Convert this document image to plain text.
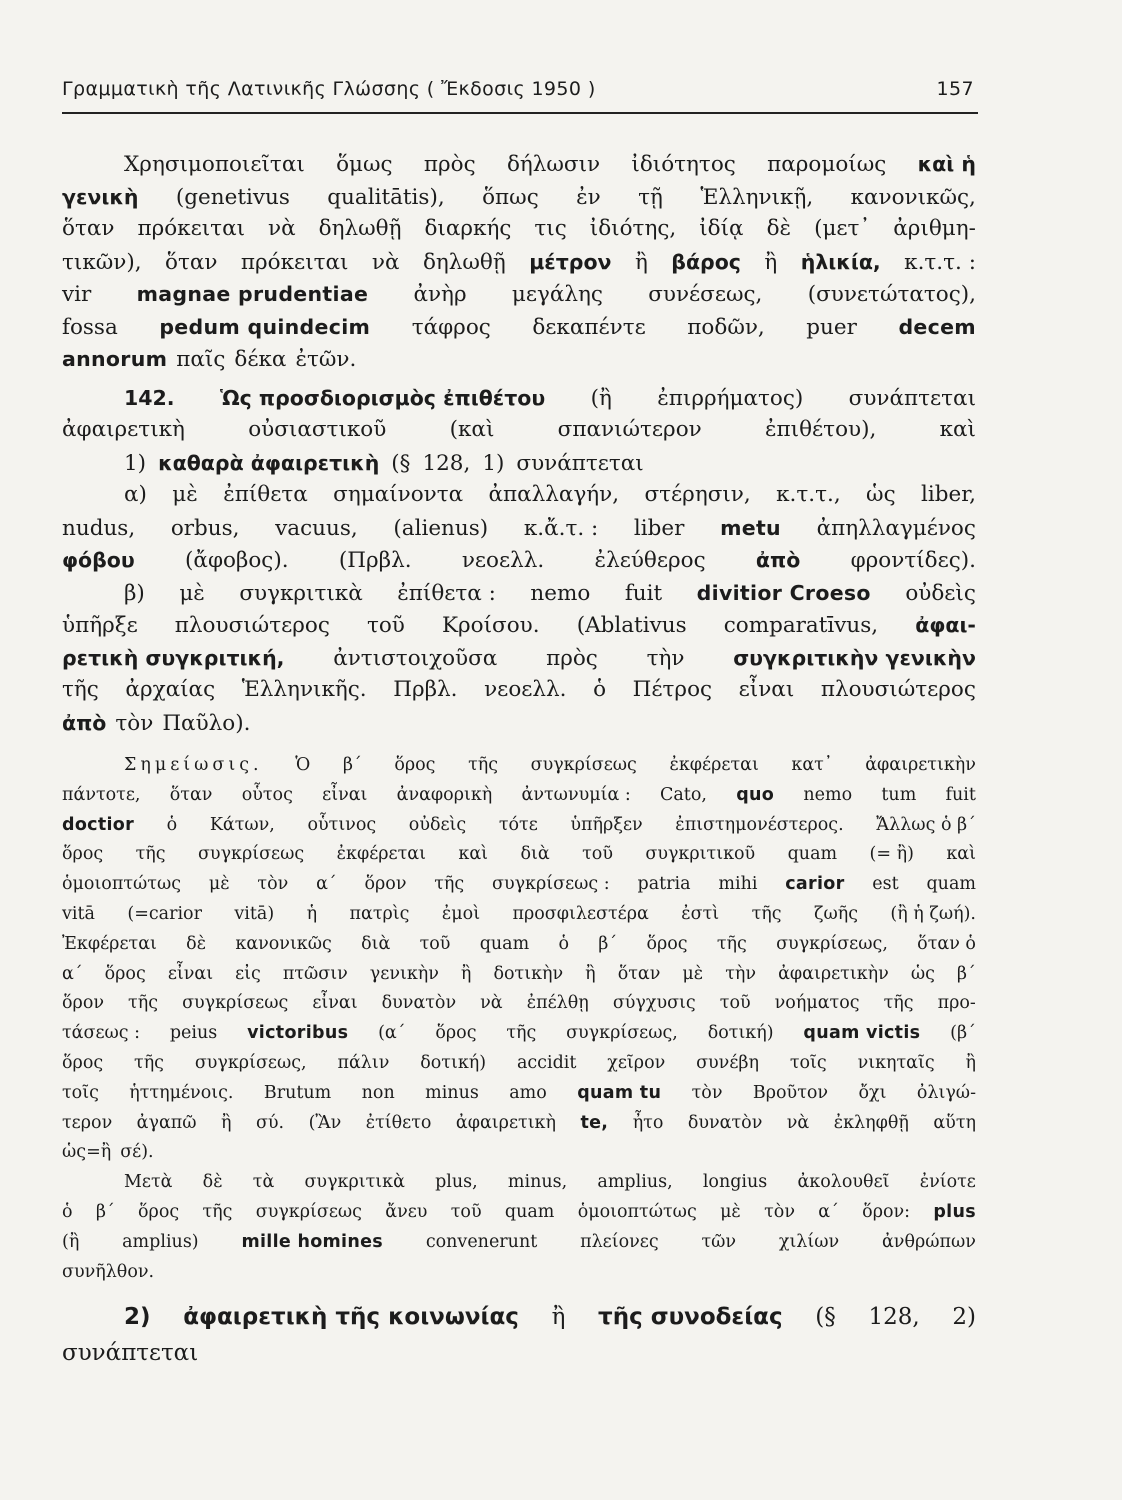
Γραμματικὴ τῆς Λατινικῆς Γλώσσης ( Ἔκδοσις 1950 )	157
Χρησιμοποιεῖται ὅμως πρὸς δήλωσιν ἰδιότητος παρομοίως καὶ ἡ
γενικὴ (genetivus qualitātis), ὅπως ἐν τῇ Ἑλληνικῇ, κανονικῶς,
ὅταν πρόκειται νὰ δηλωθῇ διαρκής τις ἰδιότης, ἰδίᾳ δὲ (μετ᾽ ἀριθμη-
τικῶν), ὅταν πρόκειται νὰ δηλωθῇ μέτρον ἢ βάρος ἢ ἡλικία, κ.τ.τ. :
vir magnae prudentiae ἀνὴρ μεγάλης συνέσεως, (συνετώτατος),
fossa pedum quindecim τάφρος δεκαπέντε ποδῶν, puer decem
annorum παῖς δέκα ἐτῶν.
142. Ὡς προσδιορισμὸς ἐπιθέτου (ἢ ἐπιρρήματος) συνάπτεται
ἀφαιρετικὴ	οὐσιαστικοῦ	(καὶ	σπανιώτερον	ἐπιθέτου),	καὶ
1) καθαρὰ ἀφαιρετικὴ (§ 128, 1) συνάπτεται
α) μὲ ἐπίθετα σημαίνοντα ἀπαλλαγήν, στέρησιν, κ.τ.τ., ὡς liber,
nudus, orbus, vacuus, (alienus) κ.ἄ.τ. : liber metu ἀπηλλαγμένος
φόβου (ἄφοβος). (Πρβλ. νεοελλ. ἐλεύθερος ἀπὸ φροντίδες).
β) μὲ συγκριτικὰ ἐπίθετα : nemo fuit divitior Croeso οὐδεὶς
ὑπῆρξε πλουσιώτερος τοῦ Κροίσου. (Ablativus comparatīvus, ἀφαι-
ρετικὴ συγκριτική, ἀντιστοιχοῦσα πρὸς τὴν συγκριτικὴν γενικὴν
τῆς ἀρχαίας Ἑλληνικῆς. Πρβλ. νεοελλ. ὁ Πέτρος εἶναι πλουσιώτερος
ἀπὸ τὸν Παῦλο).
Σημείωσις. Ὁ β΄ ὅρος τῆς συγκρίσεως ἐκφέρεται κατ᾽ ἀφαιρετικὴν
πάντοτε, ὅταν οὗτος εἶναι ἀναφορικὴ ἀντωνυμία : Cato, quo nemo tum fuit
doctior ὁ Κάτων, οὗτινος οὐδεὶς τότε ὑπῆρξεν ἐπιστημονέστερος. Ἄλλως ὁ β΄
ὅρος τῆς συγκρίσεως ἐκφέρεται καὶ διὰ τοῦ συγκριτικοῦ quam (= ἢ) καὶ
ὁμοιοπτώτως μὲ τὸν α΄ ὅρον τῆς συγκρίσεως : patria mihi carior est quam
vitā (=carior vitā) ἡ πατρὶς ἐμοὶ προσφιλεστέρα ἐστὶ τῆς ζωῆς (ἢ ἡ ζωή).
Ἐκφέρεται δὲ κανονικῶς διὰ τοῦ quam ὁ β΄ ὅρος τῆς συγκρίσεως, ὅταν ὁ
α΄ ὅρος εἶναι εἰς πτῶσιν γενικὴν ἢ δοτικὴν ἢ ὅταν μὲ τὴν ἀφαιρετικὴν ὡς β΄
ὅρον τῆς συγκρίσεως εἶναι δυνατὸν νὰ ἐπέλθῃ σύγχυσις τοῦ νοήματος τῆς προ-
τάσεως : peius victoribus (α΄ ὅρος τῆς συγκρίσεως, δοτική) quam victis (β΄
ὅρος τῆς συγκρίσεως, πάλιν δοτική) accidit χεῖρον συνέβη τοῖς νικηταῖς ἢ
τοῖς ἡττημένοις. Brutum non minus amo quam tu τὸν Βροῦτον ὄχι ὀλιγώ-
τερον ἀγαπῶ ἢ σύ. (Ἂν ἐτίθετο ἀφαιρετικὴ te, ἦτο δυνατὸν νὰ ἐκληφθῇ αὕτη
ὡς=ἢ σέ).
Μετὰ δὲ τὰ συγκριτικὰ plus, minus, amplius, longius ἀκολουθεῖ ἐνίοτε
ὁ β΄ ὅρος τῆς συγκρίσεως ἄνευ τοῦ quam ὁμοιοπτώτως μὲ τὸν α΄ ὅρον: plus
(ἢ amplius) mille homines convenerunt πλείονες τῶν χιλίων ἀνθρώπων
συνῆλθον.
2) ἀφαιρετικὴ τῆς κοινωνίας ἢ τῆς συνοδείας (§ 128, 2)
συνάπτεται
